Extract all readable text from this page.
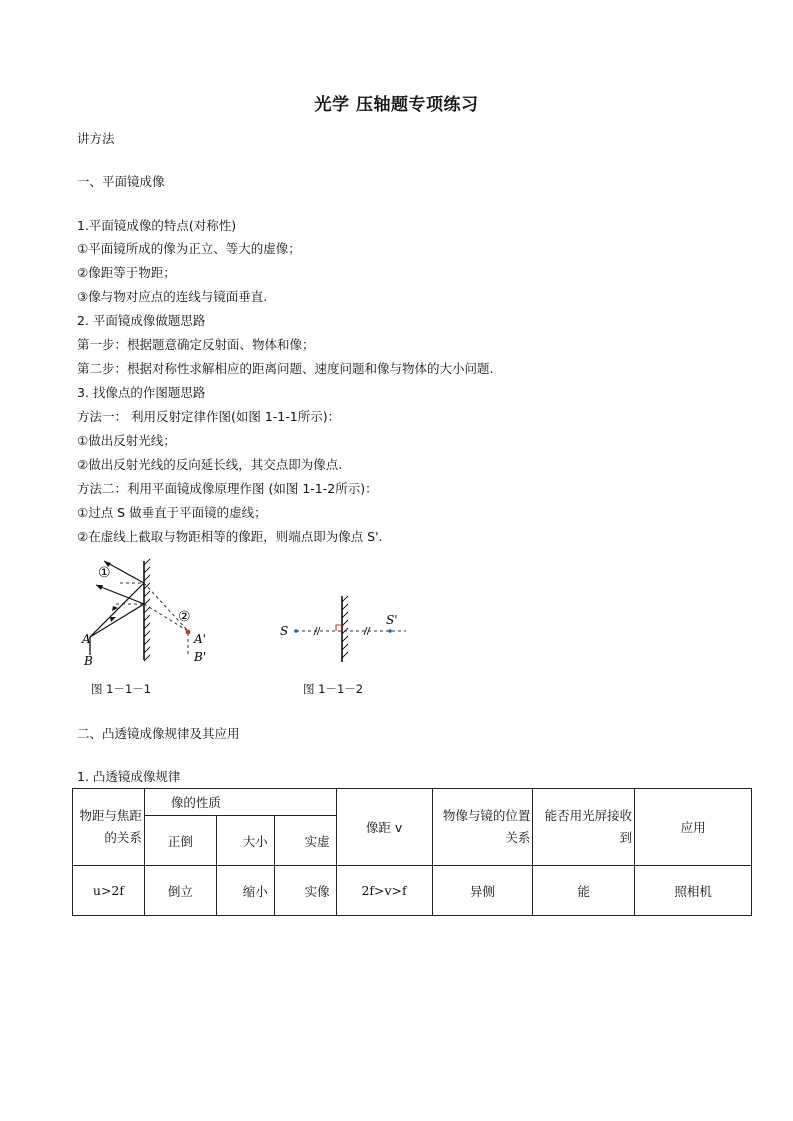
光学 压轴题专项练习
讲方法
一、平面镜成像
1.平面镜成像的特点(对称性)
①平面镜所成的像为正立、等大的虚像；
②像距等于物距；
③像与物对应点的连线与镜面垂直.
2. 平面镜成像做题思路
第一步：根据题意确定反射面、物体和像；
第二步：根据对称性求解相应的距离问题、速度问题和像与物体的大小问题.
3. 找像点的作图题思路
方法一： 利用反射定律作图(如图 1-1-1所示)：
①做出反射光线；
②做出反射光线的反向延长线，其交点即为像点.
方法二：利用平面镜成像原理作图 (如图 1-1-2所示)：
①过点 S 做垂直于平面镜的虚线；
②在虚线上截取与物距相等的像距，则端点即为像点 S'.
①
②
A
B
A'
B'
图 1－1－1
S
S'
图 1－1－2
二、凸透镜成像规律及其应用
1. 凸透镜成像规律
物距与焦距的关系	像的性质			像距 v	物像与镜的位置关系	能否用光屏接收到	应用
	正倒	大小	实虚				
u>2f	倒立	缩小	实像	2f>v>f	异侧	能	照相机
